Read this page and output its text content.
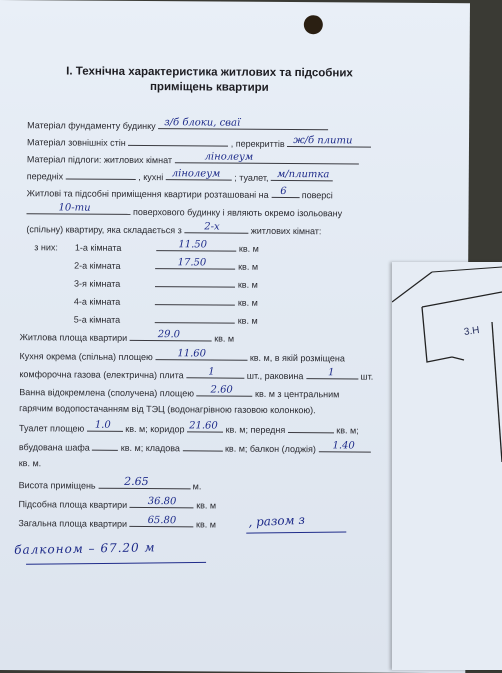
І. Технічна характеристика житлових та підсобних
приміщень квартири
Матеріал фундаменту будинку з/б блоки, сваї
Матеріал зовнішніх стін	, перекриттів ж/б плити
Матеріал підлоги: житлових кімнат	лінолеум
передніх	, кухні лінолеум ; туалет, м/плитка
Житлові та підсобні приміщення квартири розташовані на 6 поверсі
10-ти	поверхового будинку і являють окремо ізольовану
(спільну) квартиру, яка складається з 2-х	житлових кімнат:
з них: 1-а кімната	11.50	кв. м
2-а кімната	17.50	кв. м
3-я кімната	кв. м
4-а кімната	кв. м
5-а кімната	кв. м
Житлова площа квартири	29.0	кв. м
Кухня окрема (спільна) площею 11.60	кв. м, в якій розміщена
комфорочна газова (електрична) плита 1	шт., раковина 1	шт.
Ванна відокремлена (сполучена) площею 2.60 кв. м з центральним
гарячим водопостачанням від ТЭЦ (водонагрівною газовою колонкою).
Туалет площею 1.0 кв. м; коридор 21.60 кв. м; передня	кв. м;
вбудована шафа	кв. м; кладова	кв. м; балкон (лоджія) 1.40
кв. м.
Висота приміщень	2.65	м.
Підсобна площа квартири 36.80 кв. м
Загальна площа квартири 65.80 кв. м	, разом з
балконом – 67.20 м
3.Н
